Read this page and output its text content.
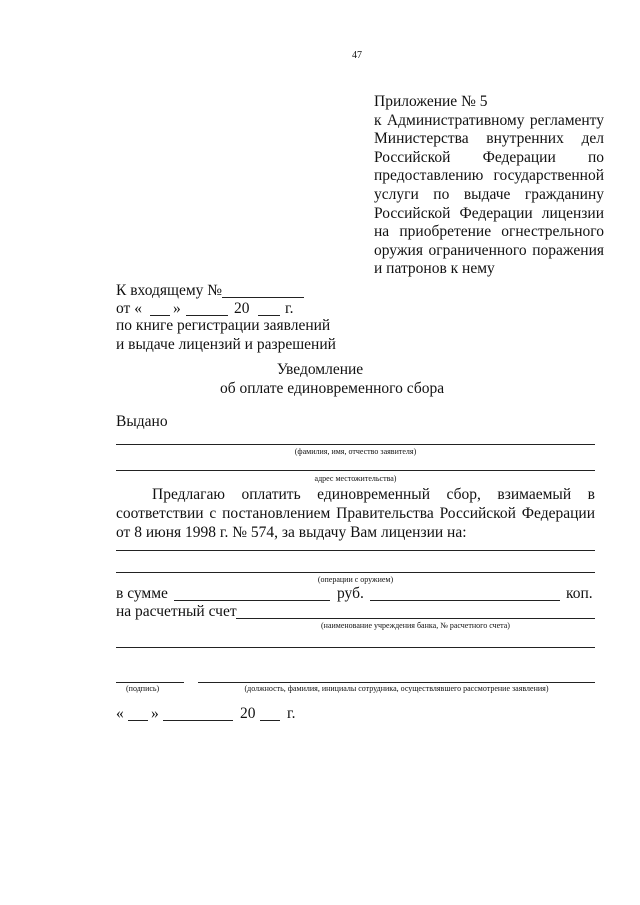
47
Приложение № 5
к Административному регламенту
Министерства внутренних дел
Российской Федерации по
предоставлению государственной
услуги по выдаче гражданину
Российской Федерации лицензии
на приобретение огнестрельного
оружия ограниченного поражения
и патронов к нему
К входящему №
от « »	20 г.
по книге регистрации заявлений
и выдаче лицензий и разрешений
Уведомление
об оплате единовременного сбора
Выдано
(фамилия, имя, отчество заявителя)
адрес местожительства)
Предлагаю оплатить единовременный сбор, взимаемый в
соответствии с постановлением Правительства Российской Федерации
от 8 июня 1998 г. № 574, за выдачу Вам лицензии на:
(операции с оружием)
в сумме	руб.	коп.
на расчетный счет
(наименование учреждения банка, № расчетного счета)
(подпись)	(должность, фамилия, инициалы сотрудника, осуществлявшего рассмотрение заявления)
« »	20 г.
